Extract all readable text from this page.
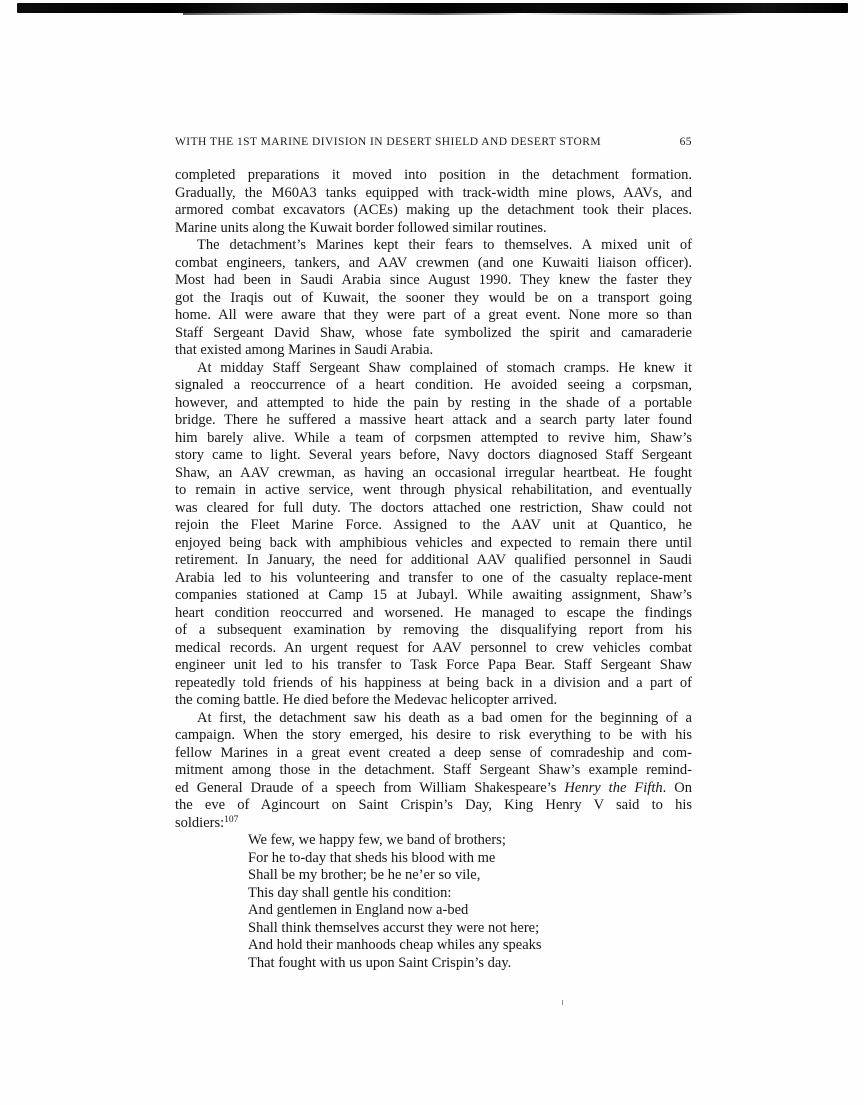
WITH THE 1ST MARINE DIVISION IN DESERT SHIELD AND DESERT STORM	65
completed preparations it moved into position in the detachment formation.
Gradually, the M60A3 tanks equipped with track-width mine plows, AAVs, and
armored combat excavators (ACEs) making up the detachment took their places.
Marine units along the Kuwait border followed similar routines.
The detachment’s Marines kept their fears to themselves. A mixed unit of
combat engineers, tankers, and AAV crewmen (and one Kuwaiti liaison officer).
Most had been in Saudi Arabia since August 1990. They knew the faster they
got the Iraqis out of Kuwait, the sooner they would be on a transport going
home. All were aware that they were part of a great event. None more so than
Staff Sergeant David Shaw, whose fate symbolized the spirit and camaraderie
that existed among Marines in Saudi Arabia.
At midday Staff Sergeant Shaw complained of stomach cramps. He knew it
signaled a reoccurrence of a heart condition. He avoided seeing a corpsman,
however, and attempted to hide the pain by resting in the shade of a portable
bridge. There he suffered a massive heart attack and a search party later found
him barely alive. While a team of corpsmen attempted to revive him, Shaw’s
story came to light. Several years before, Navy doctors diagnosed Staff Sergeant
Shaw, an AAV crewman, as having an occasional irregular heartbeat. He fought
to remain in active service, went through physical rehabilitation, and eventually
was cleared for full duty. The doctors attached one restriction, Shaw could not
rejoin the Fleet Marine Force. Assigned to the AAV unit at Quantico, he
enjoyed being back with amphibious vehicles and expected to remain there until
retirement. In January, the need for additional AAV qualified personnel in Saudi
Arabia led to his volunteering and transfer to one of the casualty replace-ment
companies stationed at Camp 15 at Jubayl. While awaiting assignment, Shaw’s
heart condition reoccurred and worsened. He managed to escape the findings
of a subsequent examination by removing the disqualifying report from his
medical records. An urgent request for AAV personnel to crew vehicles combat
engineer unit led to his transfer to Task Force Papa Bear. Staff Sergeant Shaw
repeatedly told friends of his happiness at being back in a division and a part of
the coming battle. He died before the Medevac helicopter arrived.
At first, the detachment saw his death as a bad omen for the beginning of a
campaign. When the story emerged, his desire to risk everything to be with his
fellow Marines in a great event created a deep sense of comradeship and com-
mitment among those in the detachment. Staff Sergeant Shaw’s example remind-
ed General Draude of a speech from William Shakespeare’s Henry the Fifth. On
the eve of Agincourt on Saint Crispin’s Day, King Henry V said to his
soldiers:$^{107}$
We few, we happy few, we band of brothers;
For he to-day that sheds his blood with me
Shall be my brother; be he ne’er so vile,
This day shall gentle his condition:
And gentlemen in England now a-bed
Shall think themselves accurst they were not here;
And hold their manhoods cheap whiles any speaks
That fought with us upon Saint Crispin’s day.
